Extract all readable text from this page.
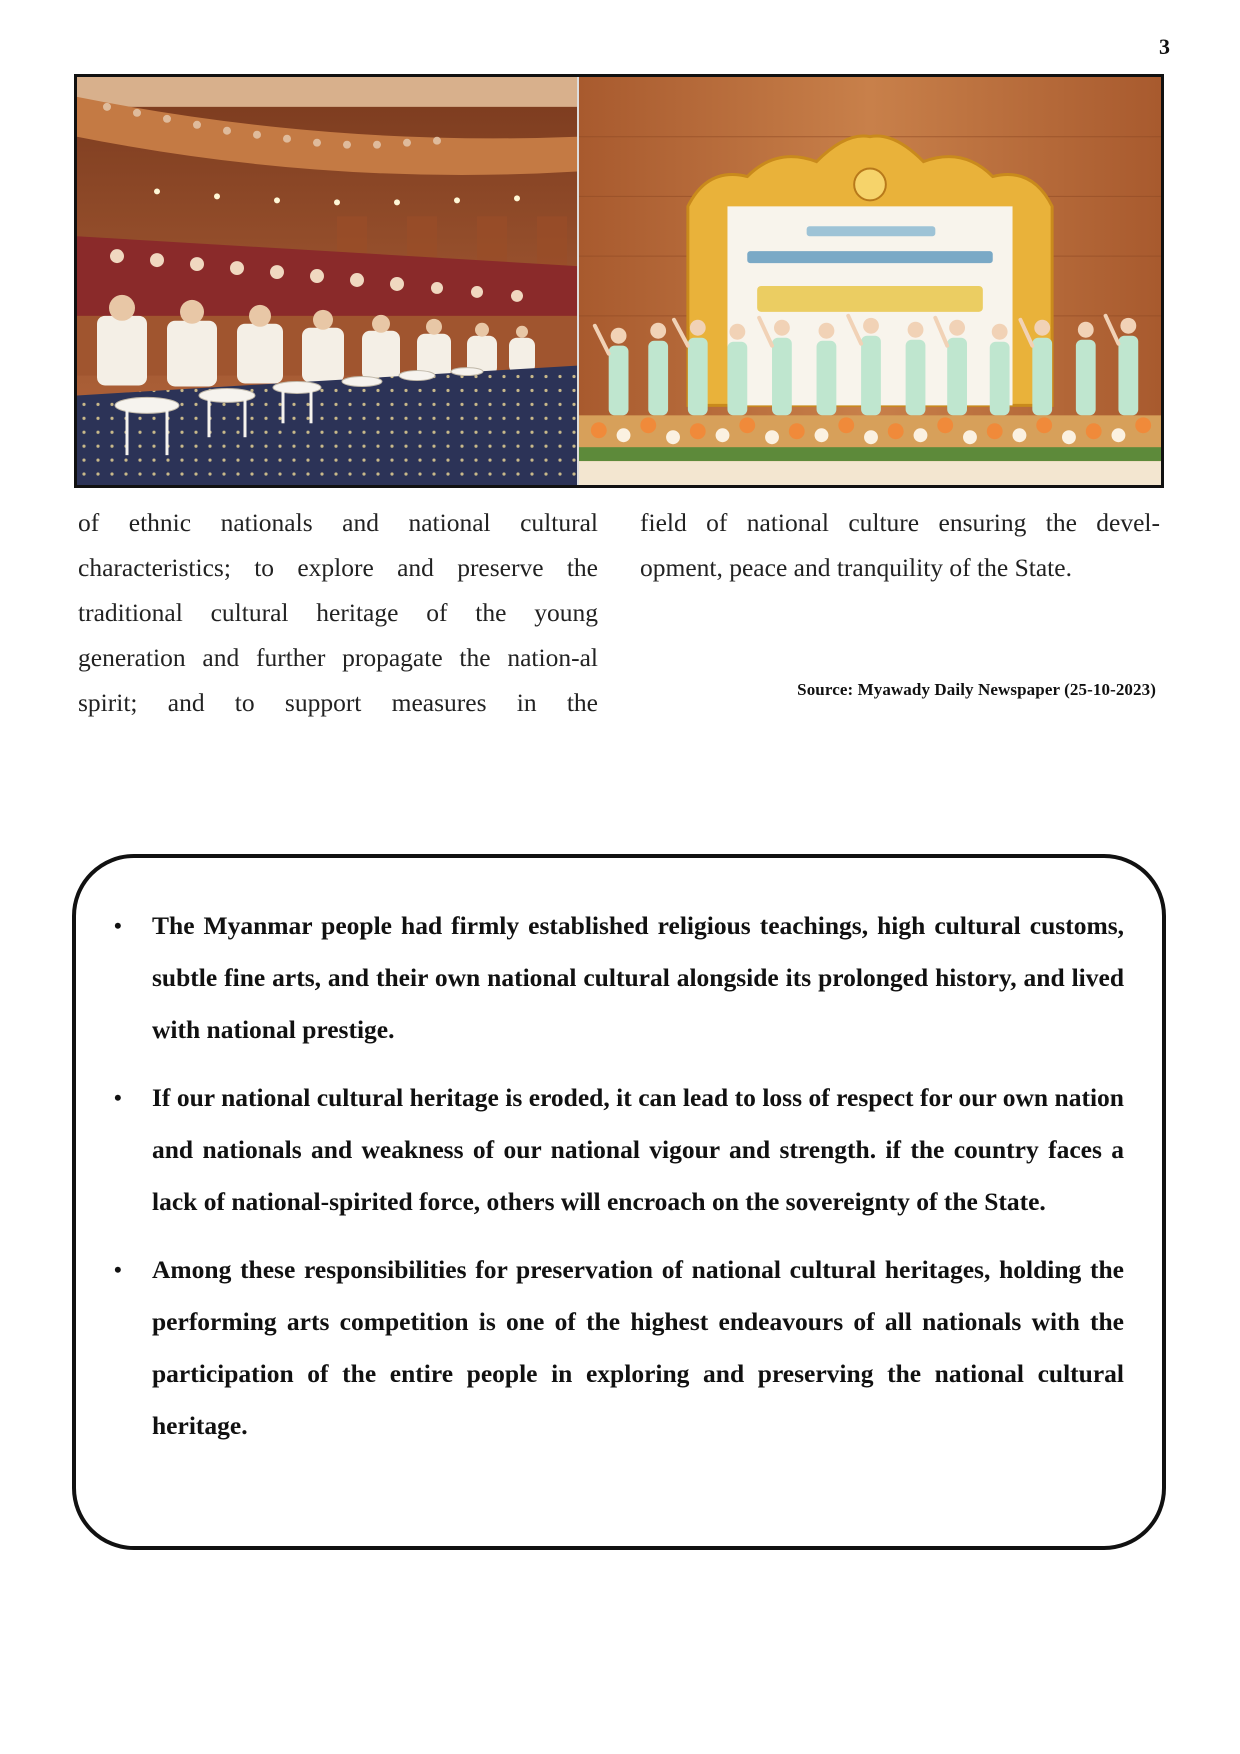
3
of ethnic nationals and national cultural characteristics; to explore and preserve the traditional cultural heritage of the young generation and further propagate the nation-al spirit; and to support measures in the
field of national culture ensuring the devel-opment, peace and tranquility of the State.
Source: Myawady Daily Newspaper (25-10-2023)
• The Myanmar people had firmly established religious teachings, high cultural customs, subtle fine arts, and their own national cultural alongside its prolonged history, and lived with national prestige.
• If our national cultural heritage is eroded, it can lead to loss of respect for our own nation and nationals and weakness of our national vigour and strength. if the country faces a lack of national-spirited force, others will encroach on the sovereignty of the State.
• Among these responsibilities for preservation of national cultural heritages, holding the performing arts competition is one of the highest endeavours of all nationals with the participation of the entire people in exploring and preserving the national cultural heritage.
